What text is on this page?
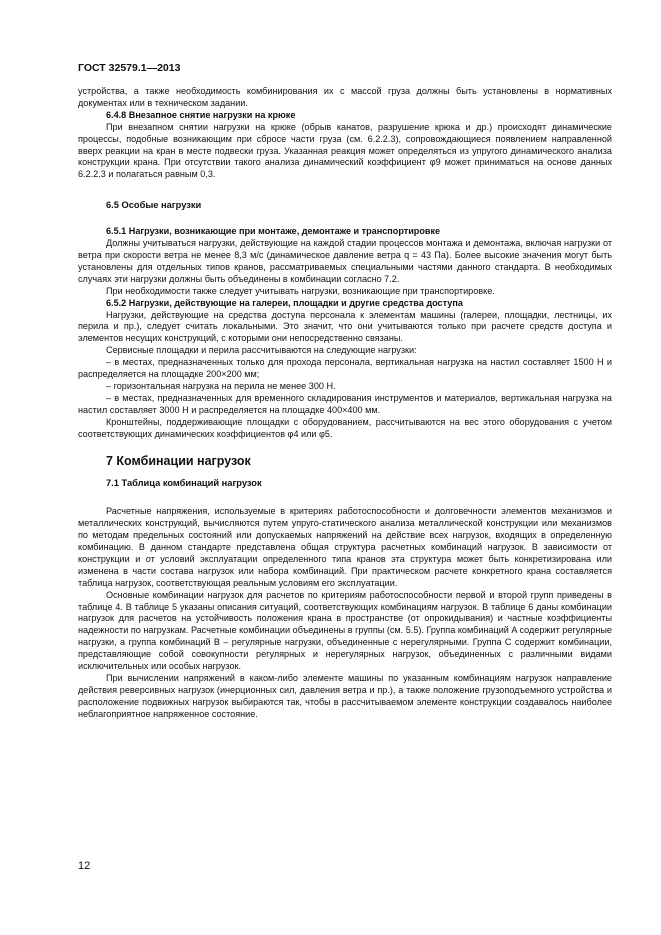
ГОСТ 32579.1—2013

устройства, а также необходимость комбинирования их с массой груза должны быть установлены в нормативных документах или в техническом задании.

6.4.8 Внезапное снятие нагрузки на крюке

При внезапном снятии нагрузки на крюке (обрыв канатов, разрушение крюка и др.) происходят динамические процессы, подобные возникающим при сбросе части груза (см. 6.2.2.3), сопровождающиеся появлением направленной вверх реакции на кран в месте подвески груза. Указанная реакция может определяться из упругого динамического анализа конструкции крана. При отсутствии такого анализа динамический коэффициент φ9 может приниматься на основе данных 6.2.2.3 и полагаться равным 0,3.

6.5 Особые нагрузки

6.5.1 Нагрузки, возникающие при монтаже, демонтаже и транспортировке

Должны учитываться нагрузки, действующие на каждой стадии процессов монтажа и демонтажа, включая нагрузки от ветра при скорости ветра не менее 8,3 м/с (динамическое давление ветра q = 43 Па). Более высокие значения могут быть установлены для отдельных типов кранов, рассматриваемых специальными частями данного стандарта. В необходимых случаях эти нагрузки должны быть объединены в комбинации согласно 7.2.

При необходимости также следует учитывать нагрузки, возникающие при транспортировке.

6.5.2 Нагрузки, действующие на галереи, площадки и другие средства доступа

Нагрузки, действующие на средства доступа персонала к элементам машины (галереи, площадки, лестницы, их перила и пр.), следует считать локальными. Это значит, что они учитываются только при расчете средств доступа и элементов несущих конструкций, с которыми они непосредственно связаны.

Сервисные площадки и перила рассчитываются на следующие нагрузки:

– в местах, предназначенных только для прохода персонала, вертикальная нагрузка на настил составляет 1500 Н и распределяется на площадке 200×200 мм;

– горизонтальная нагрузка на перила не менее 300 Н.

– в местах, предназначенных для временного складирования инструментов и материалов, вертикальная нагрузка на настил составляет 3000 Н и распределяется на площадке 400×400 мм.

Кронштейны, поддерживающие площадки с оборудованием, рассчитываются на вес этого оборудования с учетом соответствующих динамических коэффициентов φ4 или φ5.

7 Комбинации нагрузок

7.1 Таблица комбинаций нагрузок

Расчетные напряжения, используемые в критериях работоспособности и долговечности элементов механизмов и металлических конструкций, вычисляются путем упруго-статического анализа металлической конструкции или механизмов по методам предельных состояний или допускаемых напряжений на действие всех нагрузок, входящих в определенную комбинацию. В данном стандарте представлена общая структура расчетных комбинаций нагрузок. В зависимости от конструкции и от условий эксплуатации определенного типа кранов эта структура может быть конкретизирована или изменена в части состава нагрузок или набора комбинаций. При практическом расчете конкретного крана составляется таблица нагрузок, соответствующая реальным условиям его эксплуатации.

Основные комбинации нагрузок для расчетов по критериям работоспособности первой и второй групп приведены в таблице 4. В таблице 5 указаны описания ситуаций, соответствующих комбинациям нагрузок. В таблице 6 даны комбинации нагрузок для расчетов на устойчивость положения крана в пространстве (от опрокидывания) и частные коэффициенты надежности по нагрузкам. Расчетные комбинации объединены в группы (см. 5.5). Группа комбинаций A содержит регулярные нагрузки, а группа комбинаций B – регулярные нагрузки, объединенные с нерегулярными. Группа C содержит комбинации, представляющие собой совокупности регулярных и нерегулярных нагрузок, объединенных с различными видами исключительных или особых нагрузок.

При вычислении напряжений в каком-либо элементе машины по указанным комбинациям нагрузок направление действия реверсивных нагрузок (инерционных сил, давления ветра и пр.), а также положение грузоподъемного устройства и расположение подвижных нагрузок выбираются так, чтобы в рассчитываемом элементе конструкции создавалось наиболее неблагоприятное напряженное состояние.

12
